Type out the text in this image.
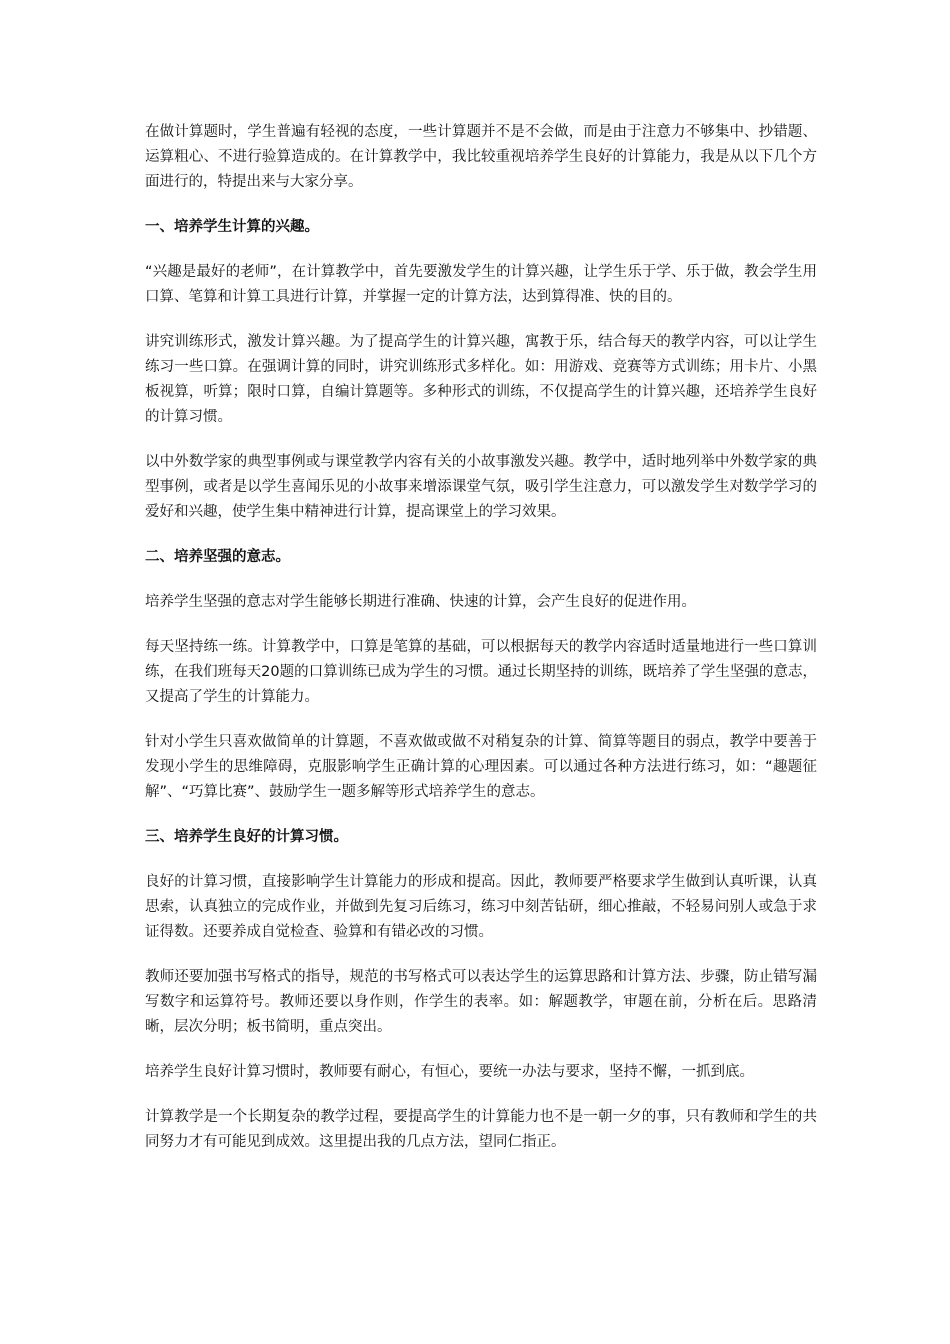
在做计算题时，学生普遍有轻视的态度，一些计算题并不是不会做，而是由于注意力不够集中、抄错题、运算粗心、不进行验算造成的。在计算教学中，我比较重视培养学生良好的计算能力，我是从以下几个方面进行的，特提出来与大家分享。

一、培养学生计算的兴趣。

“兴趣是最好的老师”，在计算教学中，首先要激发学生的计算兴趣，让学生乐于学、乐于做，教会学生用口算、笔算和计算工具进行计算，并掌握一定的计算方法，达到算得准、快的目的。

讲究训练形式，激发计算兴趣。为了提高学生的计算兴趣，寓教于乐，结合每天的教学内容，可以让学生练习一些口算。在强调计算的同时，讲究训练形式多样化。如：用游戏、竞赛等方式训练；用卡片、小黑板视算，听算；限时口算，自编计算题等。多种形式的训练，不仅提高学生的计算兴趣，还培养学生良好的计算习惯。

以中外数学家的典型事例或与课堂教学内容有关的小故事激发兴趣。教学中，适时地列举中外数学家的典型事例，或者是以学生喜闻乐见的小故事来增添课堂气氛，吸引学生注意力，可以激发学生对数学学习的爱好和兴趣，使学生集中精神进行计算，提高课堂上的学习效果。

二、培养坚强的意志。

培养学生坚强的意志对学生能够长期进行准确、快速的计算，会产生良好的促进作用。

每天坚持练一练。计算教学中，口算是笔算的基础，可以根据每天的教学内容适时适量地进行一些口算训练，在我们班每天20题的口算训练已成为学生的习惯。通过长期坚持的训练，既培养了学生坚强的意志，又提高了学生的计算能力。

针对小学生只喜欢做简单的计算题，不喜欢做或做不对稍复杂的计算、简算等题目的弱点，教学中要善于发现小学生的思维障碍，克服影响学生正确计算的心理因素。可以通过各种方法进行练习，如：“趣题征解”、“巧算比赛”、鼓励学生一题多解等形式培养学生的意志。

三、培养学生良好的计算习惯。

良好的计算习惯，直接影响学生计算能力的形成和提高。因此，教师要严格要求学生做到认真听课，认真思索，认真独立的完成作业，并做到先复习后练习，练习中刻苦钻研，细心推敲，不轻易问别人或急于求证得数。还要养成自觉检查、验算和有错必改的习惯。

教师还要加强书写格式的指导，规范的书写格式可以表达学生的运算思路和计算方法、步骤，防止错写漏写数字和运算符号。教师还要以身作则，作学生的表率。如：解题教学，审题在前，分析在后。思路清晰，层次分明；板书简明，重点突出。

培养学生良好计算习惯时，教师要有耐心，有恒心，要统一办法与要求，坚持不懈，一抓到底。

计算教学是一个长期复杂的教学过程，要提高学生的计算能力也不是一朝一夕的事，只有教师和学生的共同努力才有可能见到成效。这里提出我的几点方法，望同仁指正。
